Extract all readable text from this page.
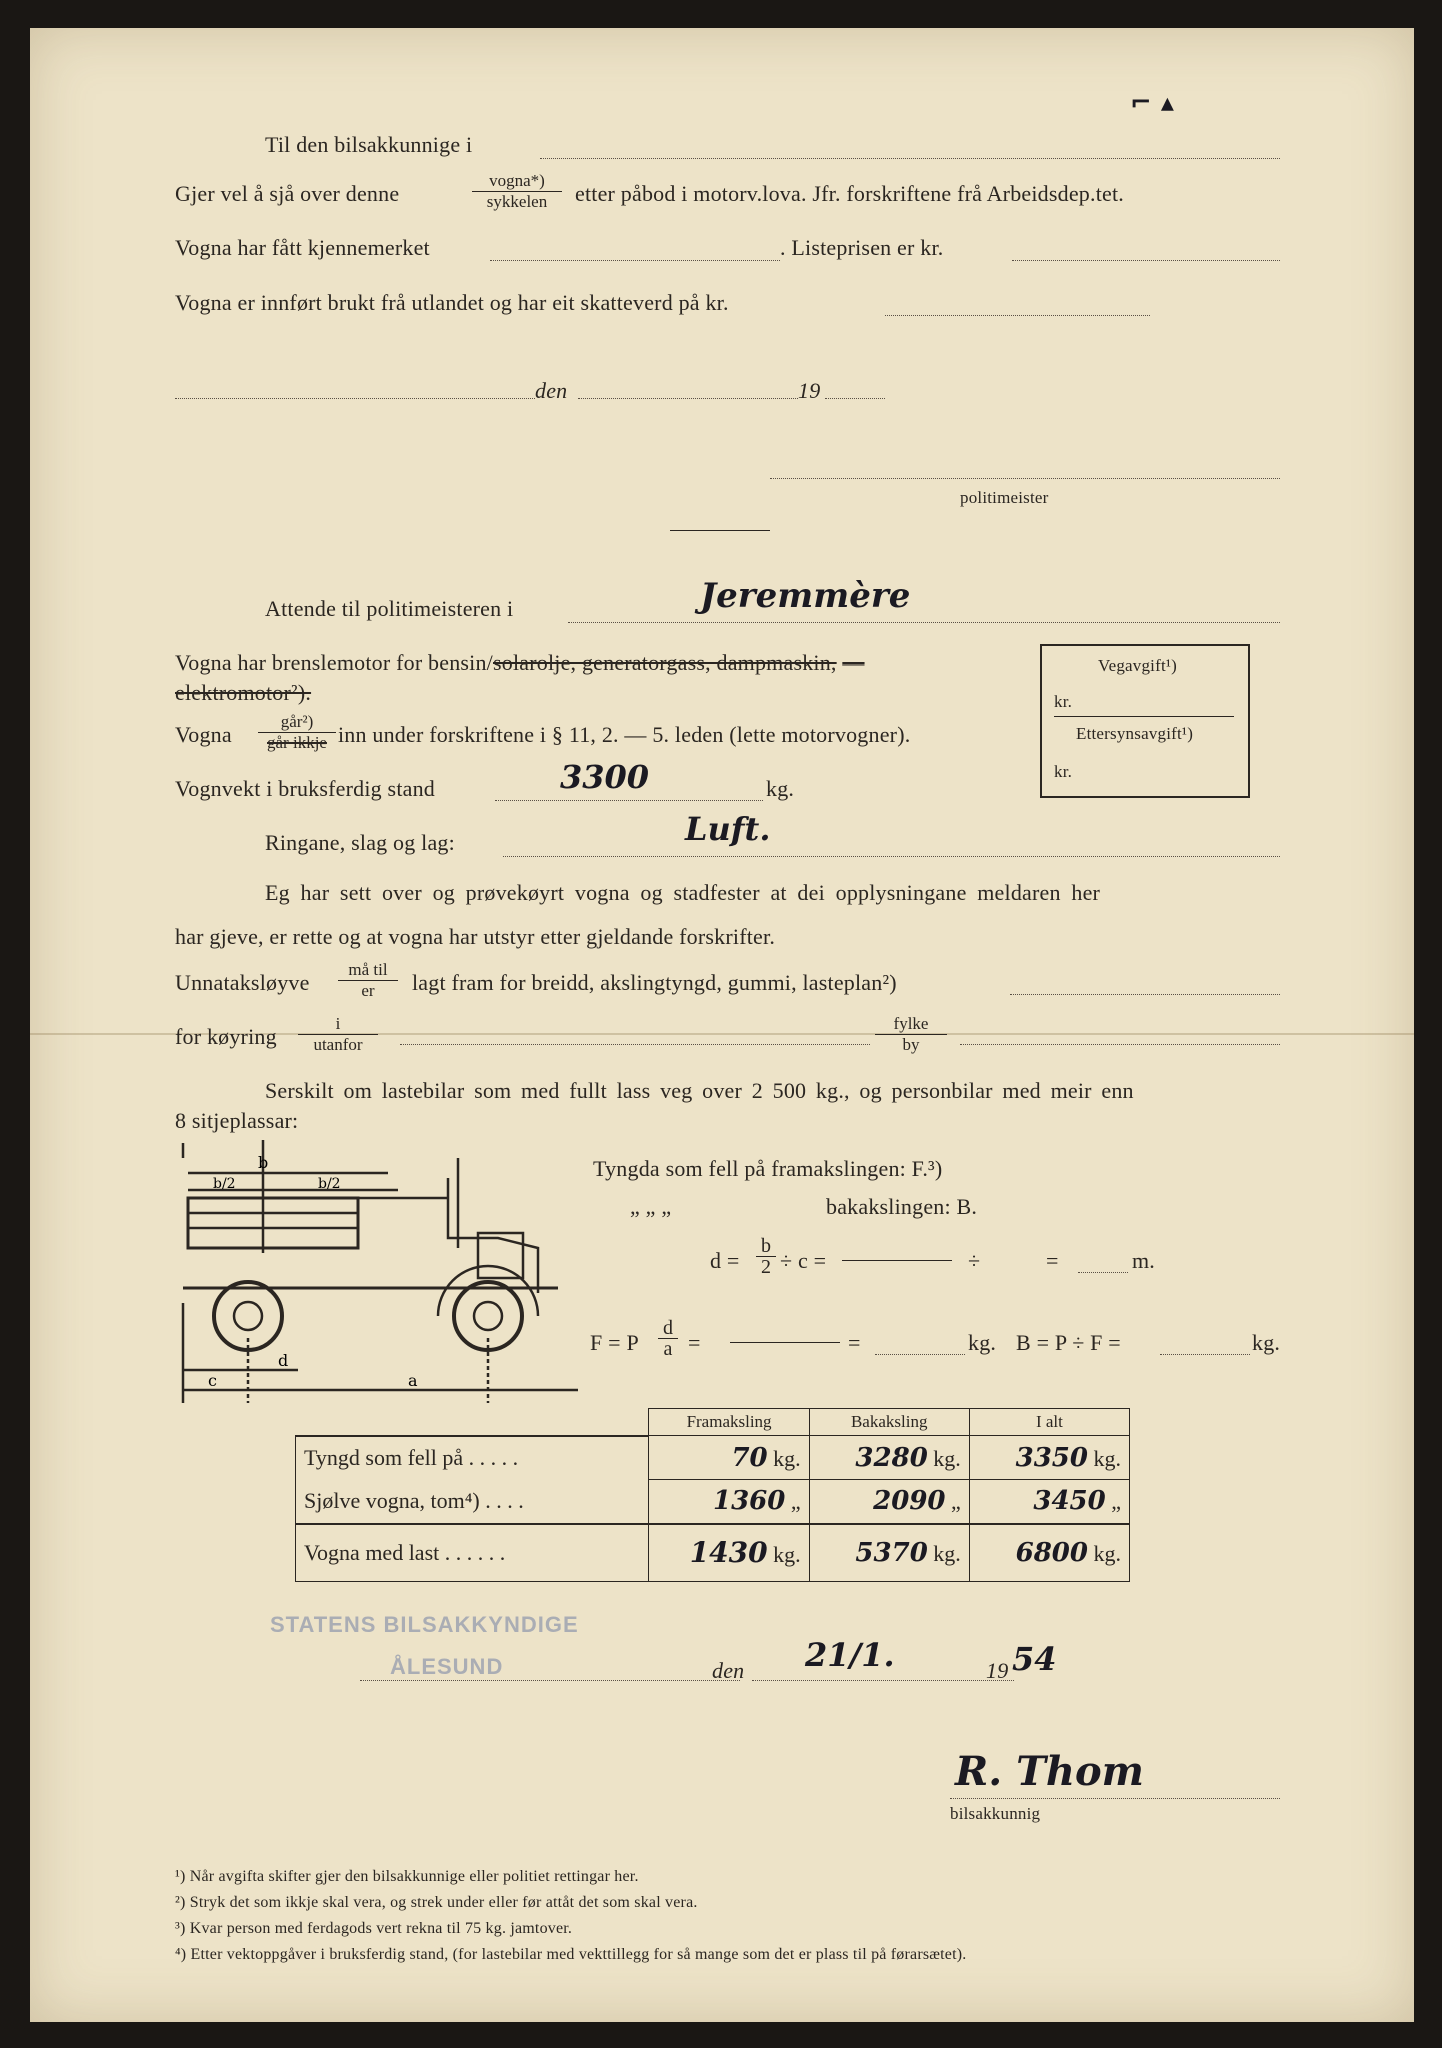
⌐ ▴
Til den bilsakkunnige i
Gjer vel å sjå over denne
vogna*)
sykkelen	etter påbod i motorv.lova. Jfr. forskriftene frå Arbeidsdep.tet.
Vogna har fått kjennemerket	. Listeprisen er kr.
Vogna er innført brukt frå utlandet og har eit skatteverd på kr.
den	19
politimeister
Attende til politimeisteren i	Jeremmère
Vogna har brenslemotor for bensin/solarolje, generatorgass, dampmaskin, —
elektromotor²).
Vegavgift¹)
kr.
Ettersynsavgift¹)
kr.
Vogna
går²)
går ikkje inn under forskriftene i § 11, 2. — 5. leden (lette motorvogner).
Vognvekt i bruksferdig stand	3300	kg.
Ringane, slag og lag:	Luft.
Eg har sett over og prøvekøyrt vogna og stadfester at dei opplysningane meldaren her
har gjeve, er rette og at vogna har utstyr etter gjeldande forskrifter.
Unnataksløyve
må til
er	lagt fram for breidd, akslingtyngd, gummi, lasteplan²)
for køyring
i
utanfor
fylke
by
Serskilt om lastebilar som med fullt lass veg over 2 500 kg., og personbilar med meir enn
8 sitjeplassar:
b
b/2	b/2
d
c	a
Tyngda som fell på framakslingen: F.³)
„ „ „	bakakslingen: B.
$d = \frac{b}{2} \div c$ =	÷	=	m.
F = P $\frac{d}{a}$ =	=	kg. B = P ÷ F =	kg.
	Framaksling	Bakaksling	I alt
Tyngd som fell på . . . . .	70 kg.	3280 kg.	3350 kg.
Sjølve vogna, tom⁴) . . . .	1360 „	2090 „	3450 „
Vogna med last . . . . . .	1430 kg.	5370 kg.	6800 kg.
STATENS BILSAKKYNDIGE
ÅLESUND	den 21/1.	19 54
R. Thom
bilsakkunnig
¹) Når avgifta skifter gjer den bilsakkunnige eller politiet rettingar her.
²) Stryk det som ikkje skal vera, og strek under eller før attåt det som skal vera.
³) Kvar person med ferdagods vert rekna til 75 kg. jamtover.
⁴) Etter vektoppgåver i bruksferdig stand, (for lastebilar med vekttillegg for så mange som det er plass til på førarsætet).
